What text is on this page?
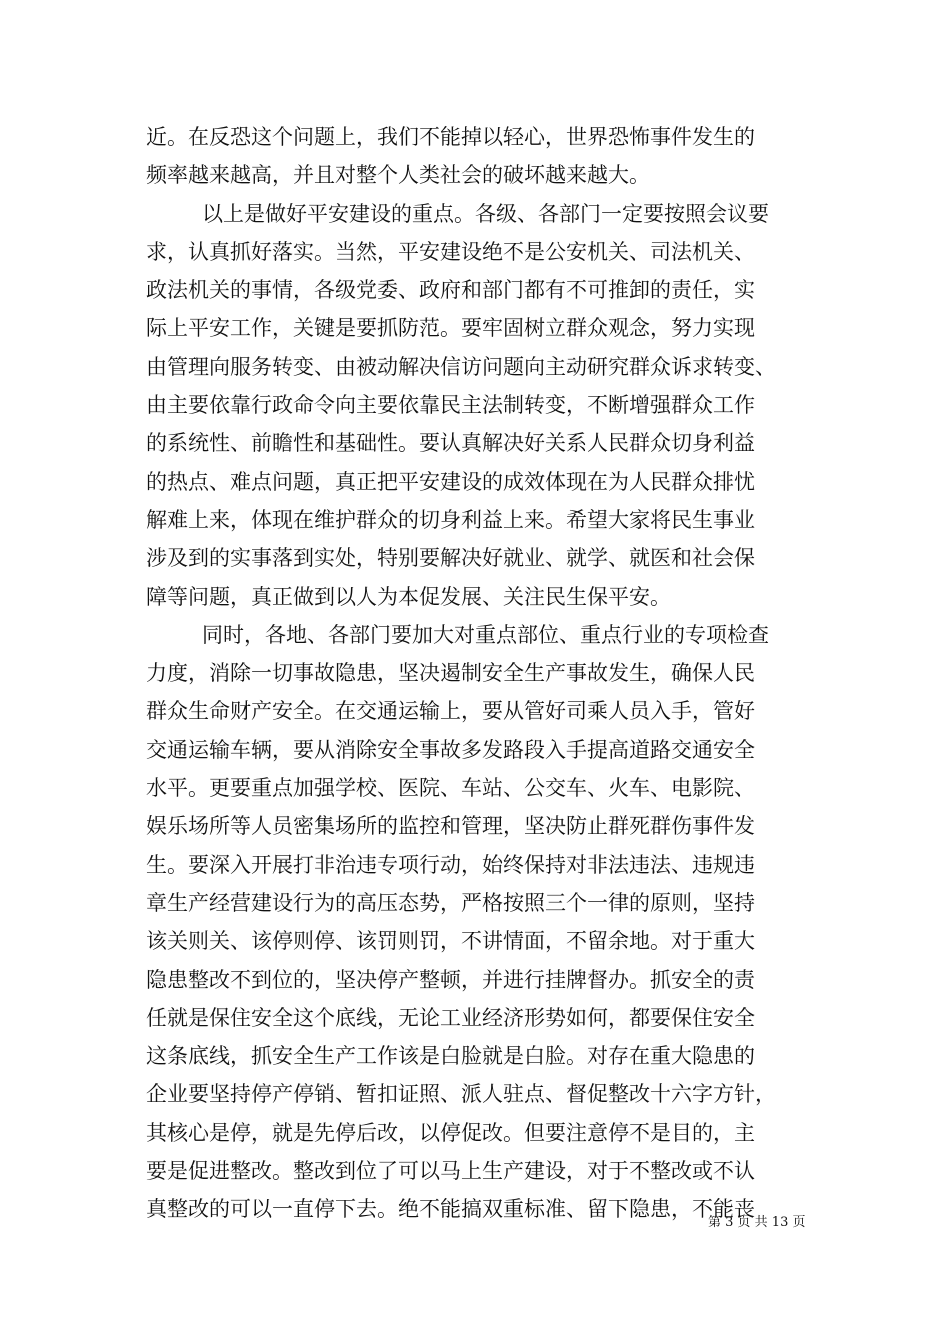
近。在反恐这个问题上，我们不能掉以轻心，世界恐怖事件发生的
频率越来越高，并且对整个人类社会的破坏越来越大。
以上是做好平安建设的重点。各级、各部门一定要按照会议要
求，认真抓好落实。当然，平安建设绝不是公安机关、司法机关、
政法机关的事情，各级党委、政府和部门都有不可推卸的责任，实
际上平安工作，关键是要抓防范。要牢固树立群众观念，努力实现
由管理向服务转变、由被动解决信访问题向主动研究群众诉求转变、
由主要依靠行政命令向主要依靠民主法制转变，不断增强群众工作
的系统性、前瞻性和基础性。要认真解决好关系人民群众切身利益
的热点、难点问题，真正把平安建设的成效体现在为人民群众排忧
解难上来，体现在维护群众的切身利益上来。希望大家将民生事业
涉及到的实事落到实处，特别要解决好就业、就学、就医和社会保
障等问题，真正做到以人为本促发展、关注民生保平安。
同时，各地、各部门要加大对重点部位、重点行业的专项检查
力度，消除一切事故隐患，坚决遏制安全生产事故发生，确保人民
群众生命财产安全。在交通运输上，要从管好司乘人员入手，管好
交通运输车辆，要从消除安全事故多发路段入手提高道路交通安全
水平。更要重点加强学校、医院、车站、公交车、火车、电影院、
娱乐场所等人员密集场所的监控和管理，坚决防止群死群伤事件发
生。要深入开展打非治违专项行动，始终保持对非法违法、违规违
章生产经营建设行为的高压态势，严格按照三个一律的原则，坚持
该关则关、该停则停、该罚则罚，不讲情面，不留余地。对于重大
隐患整改不到位的，坚决停产整顿，并进行挂牌督办。抓安全的责
任就是保住安全这个底线，无论工业经济形势如何，都要保住安全
这条底线，抓安全生产工作该是白脸就是白脸。对存在重大隐患的
企业要坚持停产停销、暂扣证照、派人驻点、督促整改十六字方针，
其核心是停，就是先停后改，以停促改。但要注意停不是目的，主
要是促进整改。整改到位了可以马上生产建设，对于不整改或不认
真整改的可以一直停下去。绝不能搞双重标准、留下隐患，不能丧
第 3 页 共 13 页
